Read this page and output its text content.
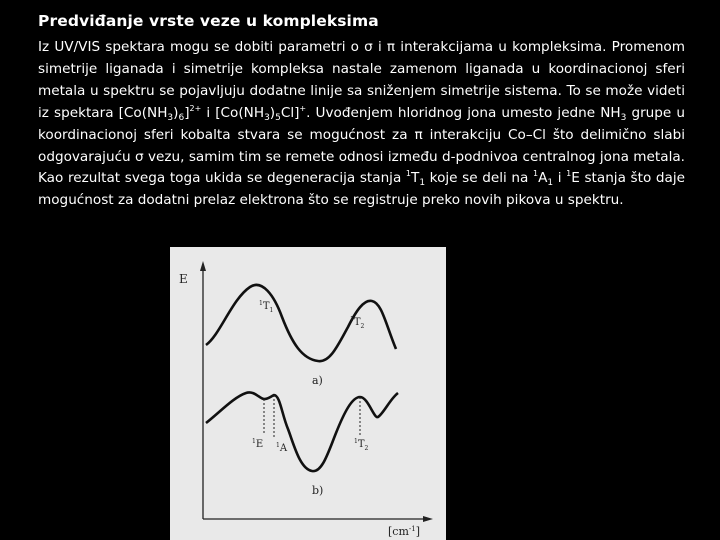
Predviđanje vrste veze u kompleksima
Iz UV/VIS spektara mogu se dobiti parametri o σ i π interakcijama u kompleksima. Promenom simetrije liganada i simetrije kompleksa nastale zamenom liganada u koordinacionoj sferi metala u spektru se pojavljuju dodatne linije sa sniženjem simetrije sistema. To se može videti iz spektara $[Co(NH_3)_6]^{2+}$ i $[Co(NH_3)_5Cl]^+$. Uvođenjem hloridnog jona umesto jedne $NH_3$ grupe u koordinacionoj sferi kobalta stvara se mogućnost za π interakciju Co–Cl što delimično slabi odgovarajuću σ vezu, samim tim se remete odnosi između d-podnivoa centralnog jona metala. Kao rezultat svega toga ukida se degeneracija stanja $^1T_1$ koje se deli na $^1A_1$ i $^1$E stanja što daje mogućnost za dodatni prelaz elektrona što se registruje preko novih pikova u spektru.
E
$[cm^{-1}]$
$^1T_1$
$^1T_2$
a)
$^1$E $^1$A
$^1T_2$
b)
